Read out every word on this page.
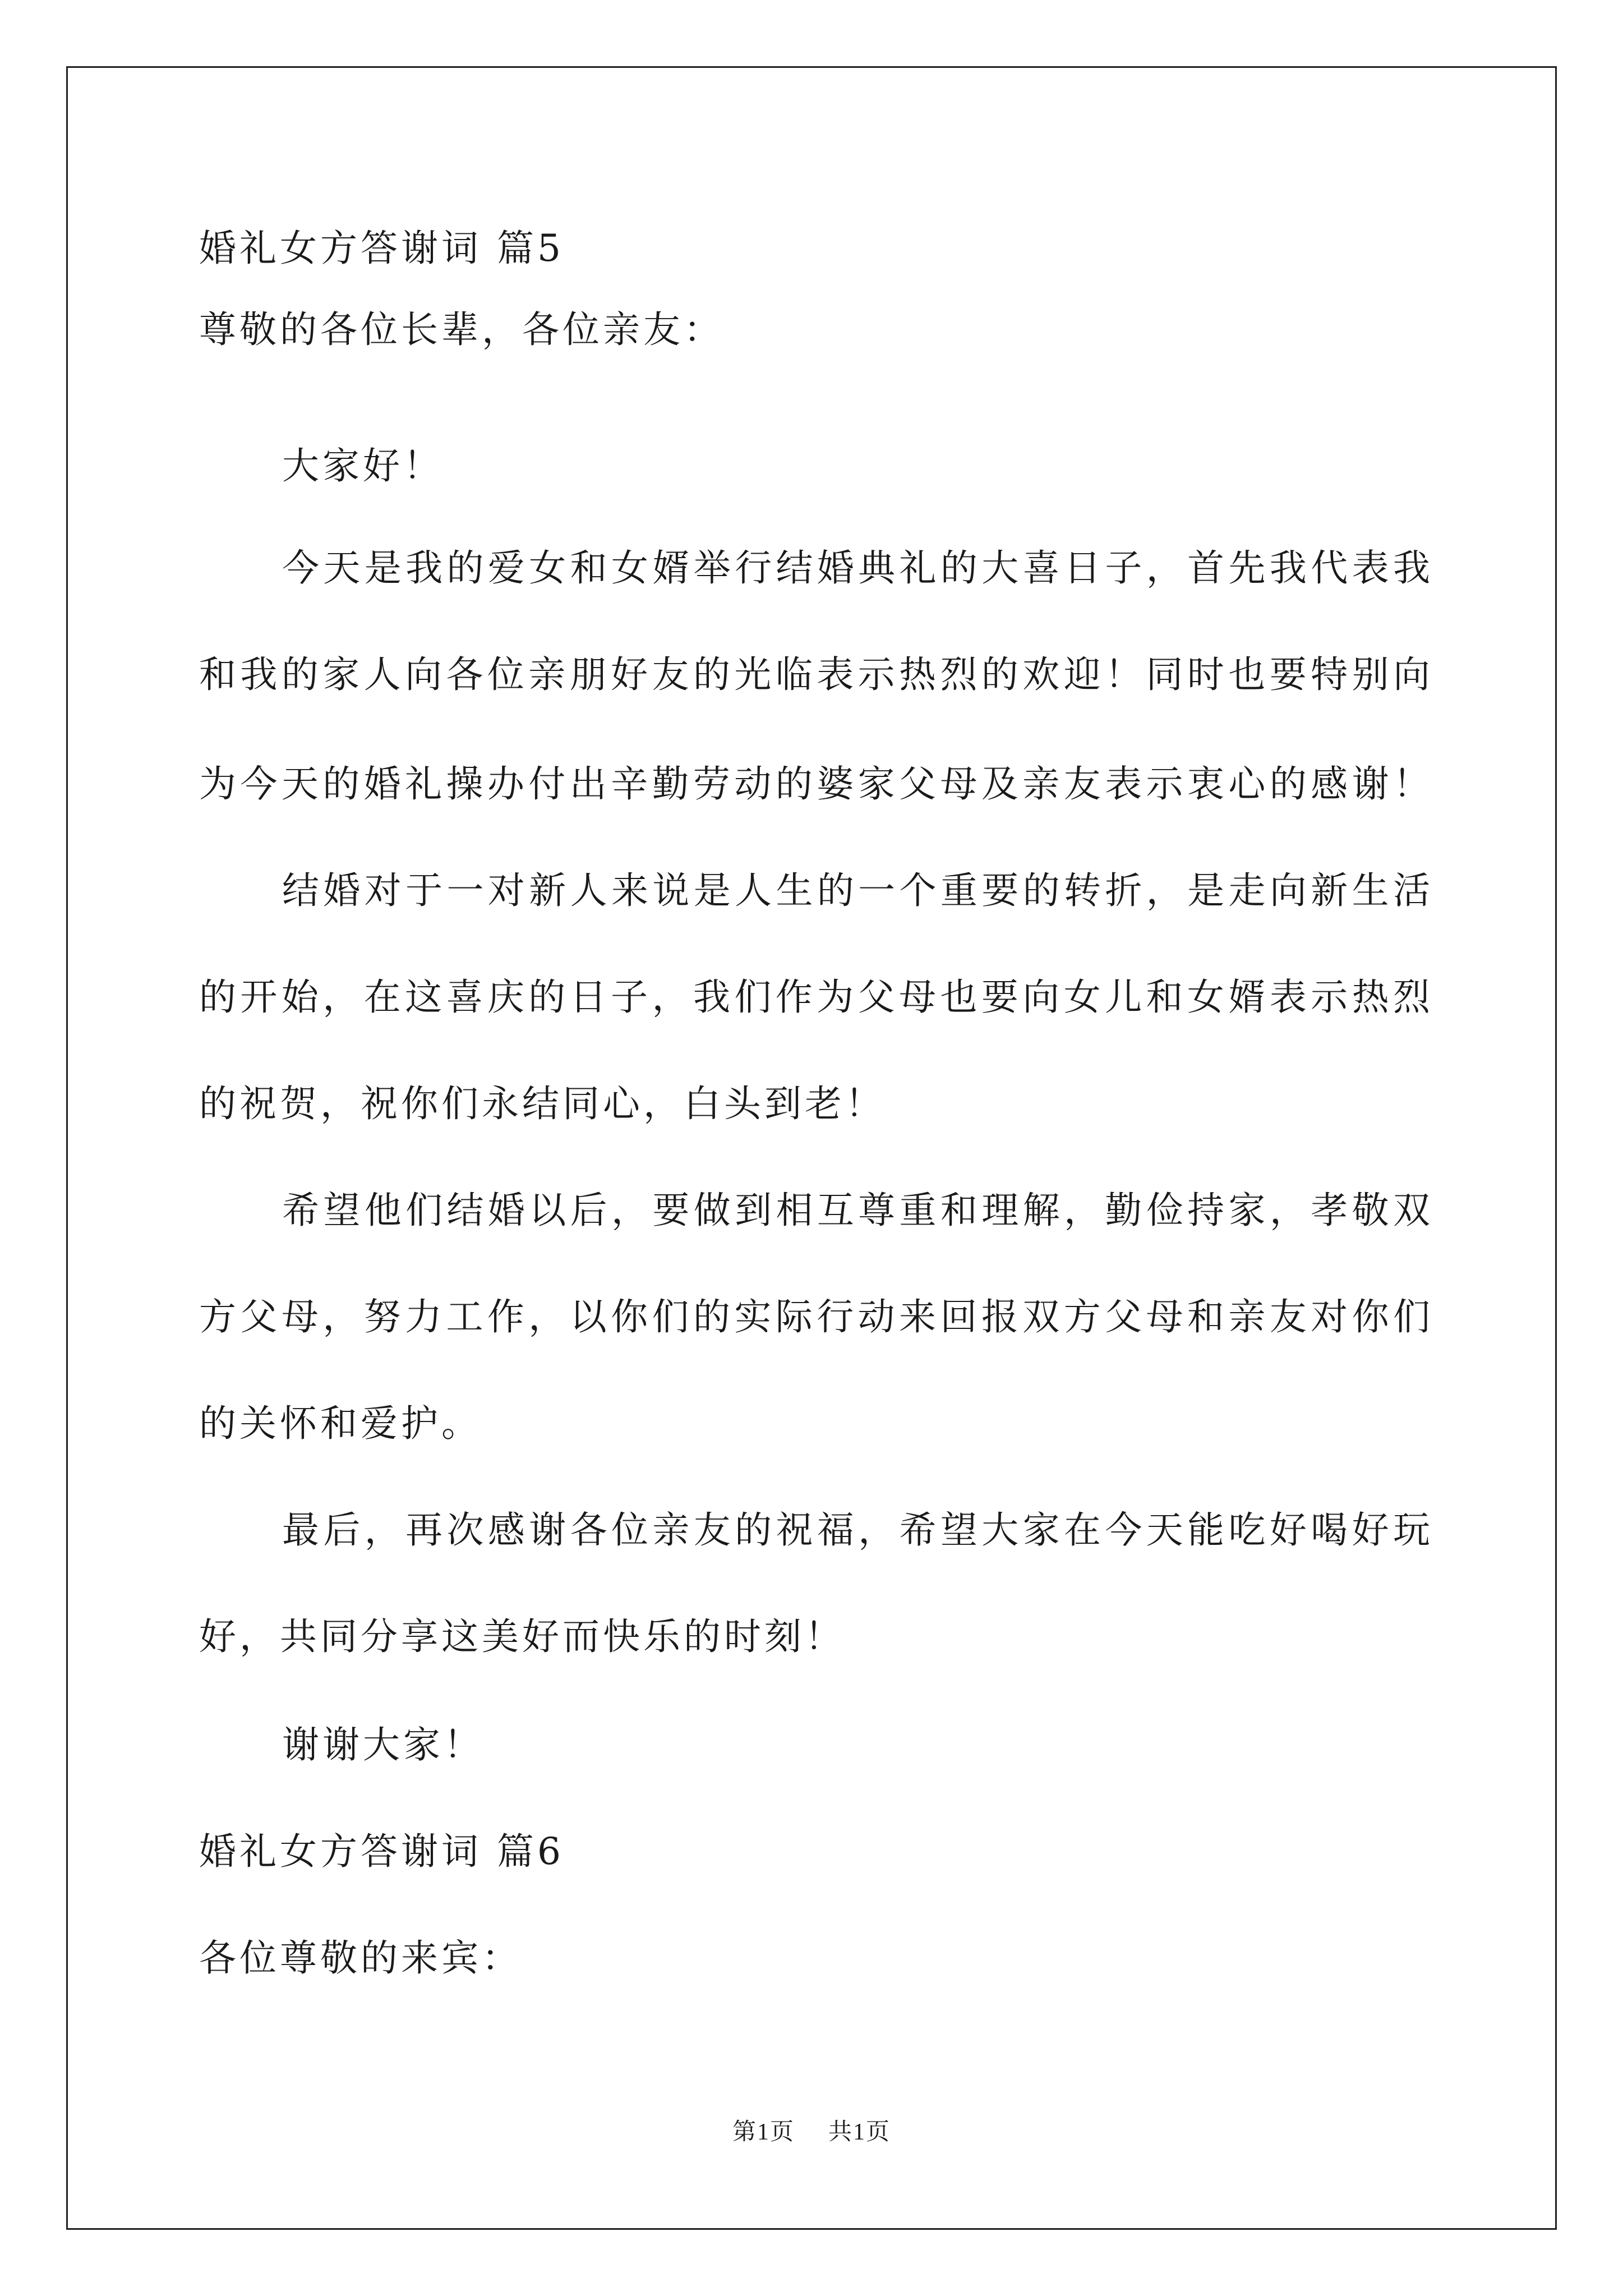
婚礼女方答谢词 篇5
尊敬的各位长辈，各位亲友：
大家好！
今天是我的爱女和女婿举行结婚典礼的大喜日子，首先我代表我
和我的家人向各位亲朋好友的光临表示热烈的欢迎！同时也要特别向
为今天的婚礼操办付出辛勤劳动的婆家父母及亲友表示衷心的感谢！
结婚对于一对新人来说是人生的一个重要的转折，是走向新生活
的开始，在这喜庆的日子，我们作为父母也要向女儿和女婿表示热烈
的祝贺，祝你们永结同心，白头到老！
希望他们结婚以后，要做到相互尊重和理解，勤俭持家，孝敬双
方父母，努力工作，以你们的实际行动来回报双方父母和亲友对你们
的关怀和爱护。
最后，再次感谢各位亲友的祝福，希望大家在今天能吃好喝好玩
好，共同分享这美好而快乐的时刻！
谢谢大家！
婚礼女方答谢词 篇6
各位尊敬的来宾：
第1页 共1页
